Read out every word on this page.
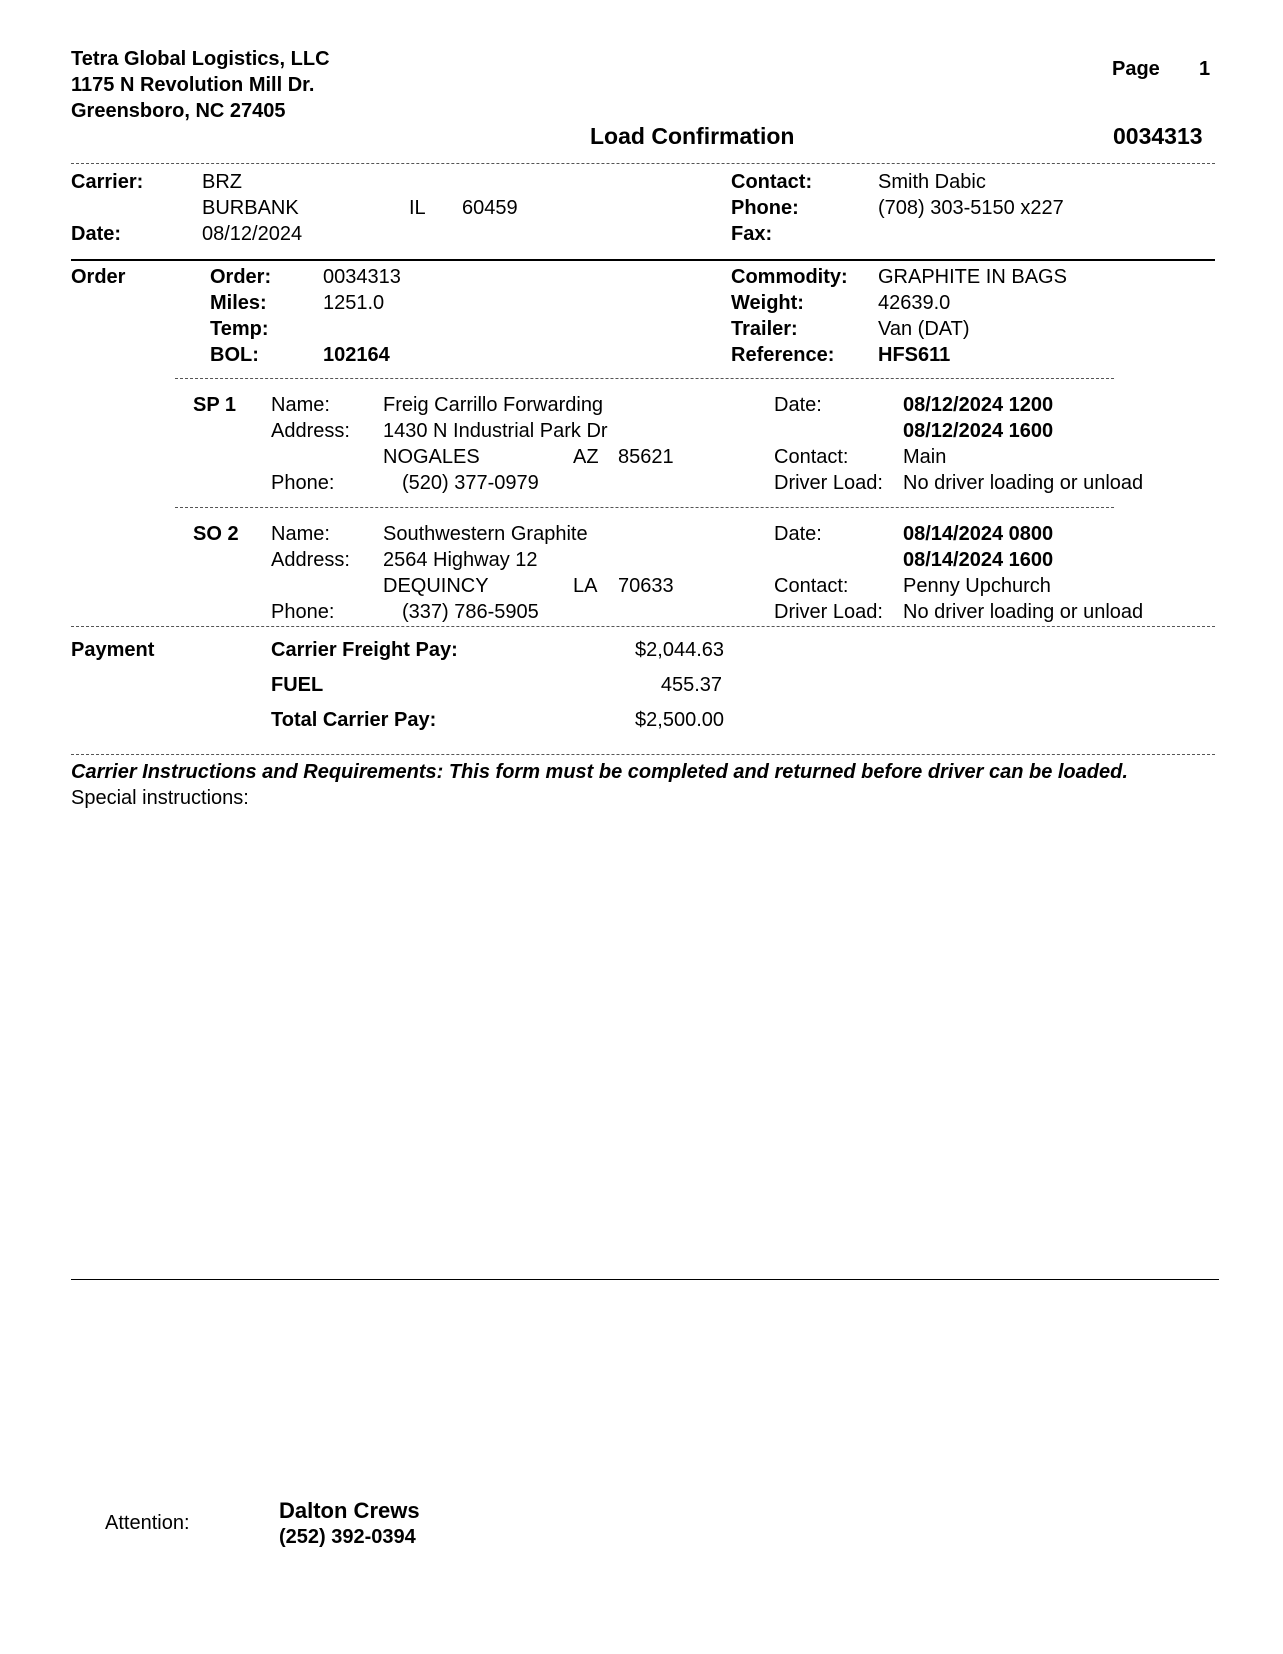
Tetra Global Logistics, LLC
1175 N Revolution Mill Dr.
Greensboro, NC 27405
Page 1
Load Confirmation	0034313
Carrier:	BRZ
BURBANK	IL 60459
Date:	08/12/2024
Contact:	Smith Dabic
Phone:	(708) 303-5150 x227
Fax:
Order	Order:	0034313
Miles:	1251.0
Temp:
BOL:	102164
Commodity: GRAPHITE IN BAGS
Weight:	42639.0
Trailer:	Van (DAT)
Reference: HFS611
SP 1 Name:	Freig Carrillo Forwarding
Address: 1430 N Industrial Park Dr
NOGALES	AZ 85621
Phone:	(520) 377-0979
Date:	08/12/2024 1200
08/12/2024 1600
Contact:	Main
Driver Load: No driver loading or unload
SO 2 Name:	Southwestern Graphite
Address: 2564 Highway 12
DEQUINCY	LA 70633
Phone:	(337) 786-5905
Date:	08/14/2024 0800
08/14/2024 1600
Contact:	Penny Upchurch
Driver Load: No driver loading or unload
Payment	Carrier Freight Pay:	$2,044.63
FUEL	455.37
Total Carrier Pay:	$2,500.00
Carrier Instructions and Requirements: This form must be completed and returned before driver can be loaded.
Special instructions:
Attention:	Dalton Crews
(252) 392-0394
